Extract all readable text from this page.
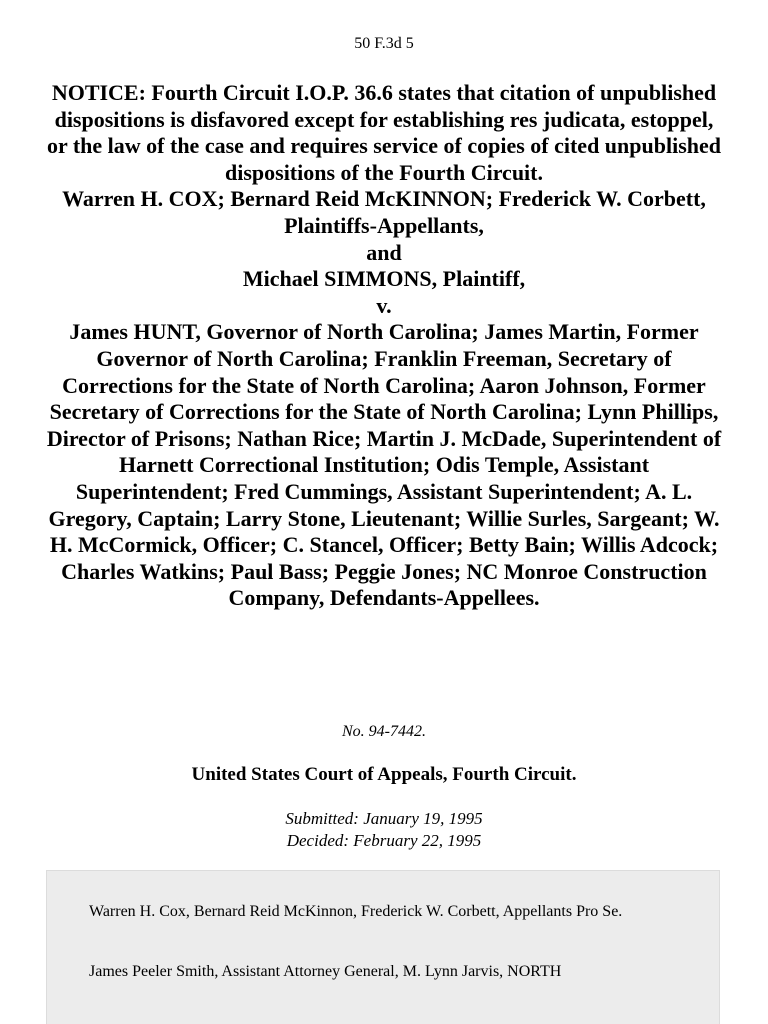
50 F.3d 5

NOTICE: Fourth Circuit I.O.P. 36.6 states that citation of unpublished dispositions is disfavored except for establishing res judicata, estoppel, or the law of the case and requires service of copies of cited unpublished dispositions of the Fourth Circuit.

Warren H. COX; Bernard Reid McKINNON; Frederick W. Corbett, Plaintiffs-Appellants,

and

Michael SIMMONS, Plaintiff,

v.

James HUNT, Governor of North Carolina; James Martin, Former Governor of North Carolina; Franklin Freeman, Secretary of Corrections for the State of North Carolina; Aaron Johnson, Former Secretary of Corrections for the State of North Carolina; Lynn Phillips, Director of Prisons; Nathan Rice; Martin J. McDade, Superintendent of Harnett Correctional Institution; Odis Temple, Assistant Superintendent; Fred Cummings, Assistant Superintendent; A. L. Gregory, Captain; Larry Stone, Lieutenant; Willie Surles, Sargeant; W. H. McCormick, Officer; C. Stancel, Officer; Betty Bain; Willis Adcock; Charles Watkins; Paul Bass; Peggie Jones; NC Monroe Construction Company, Defendants-Appellees.

No. 94-7442.
United States Court of Appeals, Fourth Circuit.

Submitted: January 19, 1995

Decided: February 22, 1995

Warren H. Cox, Bernard Reid McKinnon, Frederick W. Corbett, Appellants Pro Se.

James Peeler Smith, Assistant Attorney General, M. Lynn Jarvis, NORTH
